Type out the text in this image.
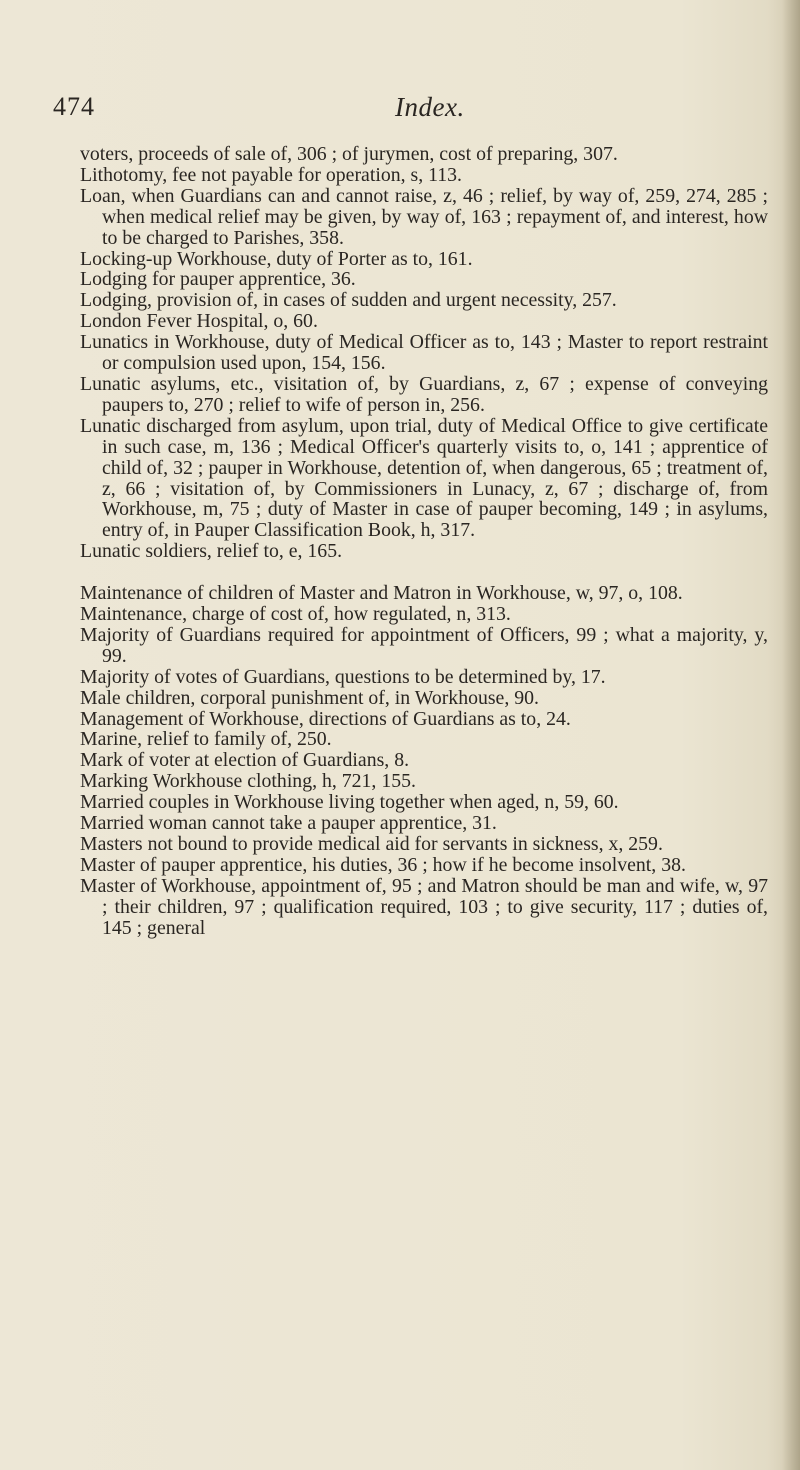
474	Index.

voters, proceeds of sale of, 306 ; of jurymen, cost of preparing, 307.

Lithotomy, fee not payable for operation, s, 113.

Loan, when Guardians can and cannot raise, z, 46 ; relief, by way of, 259, 274, 285 ; when medical relief may be given, by way of, 163 ; repayment of, and interest, how to be charged to Parishes, 358.

Locking-up Workhouse, duty of Porter as to, 161.

Lodging for pauper apprentice, 36.

Lodging, provision of, in cases of sudden and urgent necessity, 257.

London Fever Hospital, o, 60.

Lunatics in Workhouse, duty of Medical Officer as to, 143 ; Master to report restraint or compulsion used upon, 154, 156.

Lunatic asylums, etc., visitation of, by Guardians, z, 67 ; expense of conveying paupers to, 270 ; relief to wife of person in, 256.

Lunatic discharged from asylum, upon trial, duty of Medical Office to give certificate in such case, m, 136 ; Medical Officer's quarterly visits to, o, 141 ; apprentice of child of, 32 ; pauper in Workhouse, detention of, when dangerous, 65 ; treatment of, z, 66 ; visitation of, by Commissioners in Lunacy, z, 67 ; discharge of, from Workhouse, m, 75 ; duty of Master in case of pauper becoming, 149 ; in asylums, entry of, in Pauper Classification Book, h, 317.

Lunatic soldiers, relief to, e, 165.

Maintenance of children of Master and Matron in Workhouse, w, 97, o, 108.

Maintenance, charge of cost of, how regulated, n, 313.

Majority of Guardians required for appointment of Officers, 99 ; what a majority, y, 99.

Majority of votes of Guardians, questions to be determined by, 17.

Male children, corporal punishment of, in Workhouse, 90.

Management of Workhouse, directions of Guardians as to, 24.

Marine, relief to family of, 250.

Mark of voter at election of Guardians, 8.

Marking Workhouse clothing, h, 721, 155.

Married couples in Workhouse living together when aged, n, 59, 60.

Married woman cannot take a pauper apprentice, 31.

Masters not bound to provide medical aid for servants in sickness, x, 259.

Master of pauper apprentice, his duties, 36 ; how if he become insolvent, 38.

Master of Workhouse, appointment of, 95 ; and Matron should be man and wife, w, 97 ; their children, 97 ; qualification required, 103 ; to give security, 117 ; duties of, 145 ; general
